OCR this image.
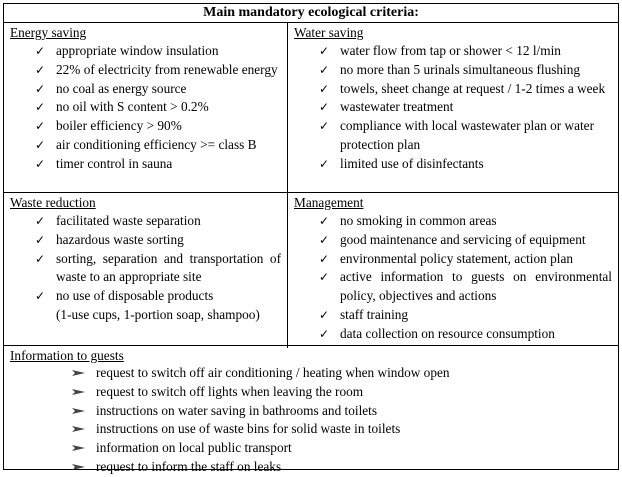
Main mandatory ecological criteria:
Energy saving
✓ appropriate window insulation
✓ 22% of electricity from renewable energy
✓ no coal as energy source
✓ no oil with S content > 0.2%
✓ boiler efficiency > 90%
✓ air conditioning efficiency >= class B
✓ timer control in sauna
Water saving
✓ water flow from tap or shower < 12 l/min
✓ no more than 5 urinals simultaneous flushing
✓ towels, sheet change at request / 1-2 times a week
✓ wastewater treatment
✓ compliance with local wastewater plan or water protection plan
✓ limited use of disinfectants
Waste reduction
✓ facilitated waste separation
✓ hazardous waste sorting
✓ sorting, separation and transportation of waste to an appropriate site
✓ no use of disposable products
(1-use cups, 1-portion soap, shampoo)
Management
✓ no smoking in common areas
✓ good maintenance and servicing of equipment
✓ environmental policy statement, action plan
✓ active information to guests on environmental policy, objectives and actions
✓ staff training
✓ data collection on resource consumption
Information to guests
request to switch off air conditioning / heating when window open
request to switch off lights when leaving the room
instructions on water saving in bathrooms and toilets
instructions on use of waste bins for solid waste in toilets
information on local public transport
request to inform the staff on leaks
